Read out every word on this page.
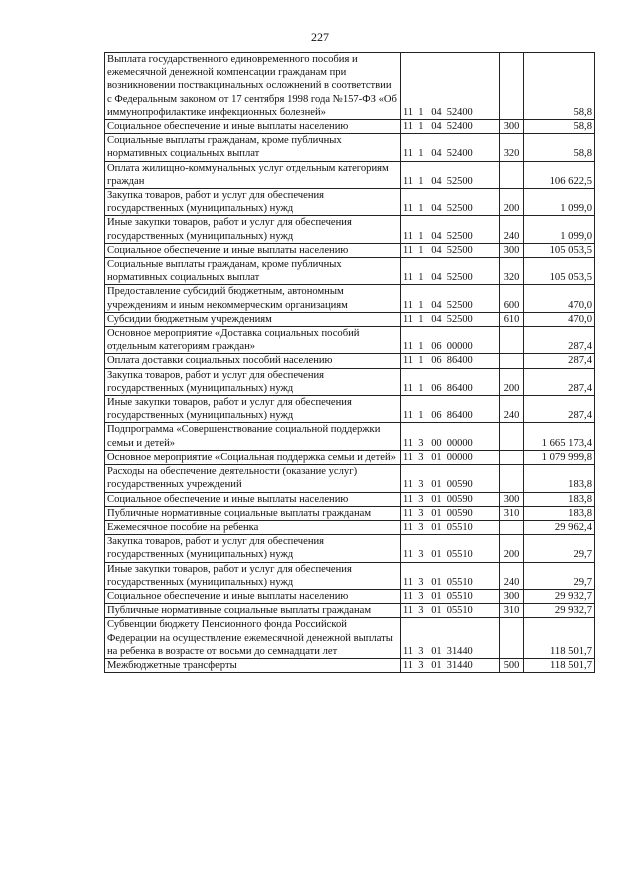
227
Выплата государственного единовременного пособия и ежемесячной денежной компенсации гражданам при возникновении поствакцинальных осложнений в соответствии с Федеральным законом от 17 сентября 1998 года №157-ФЗ «Об иммунопрофилактике инфекционных болезней»	11  1   04  52400		58,8
Социальное обеспечение и иные выплаты населению	11  1   04  52400	300	58,8
Социальные выплаты гражданам, кроме публичных нормативных социальных выплат	11  1   04  52400	320	58,8
Оплата жилищно-коммунальных услуг отдельным категориям граждан	11  1   04  52500		106 622,5
Закупка товаров, работ и услуг для обеспечения государственных (муниципальных) нужд	11  1   04  52500	200	1 099,0
Иные закупки товаров, работ и услуг для обеспечения государственных (муниципальных) нужд	11  1   04  52500	240	1 099,0
Социальное обеспечение и иные выплаты населению	11  1   04  52500	300	105 053,5
Социальные выплаты гражданам, кроме публичных нормативных социальных выплат	11  1   04  52500	320	105 053,5
Предоставление субсидий бюджетным, автономным учреждениям и иным некоммерческим организациям	11  1   04  52500	600	470,0
Субсидии бюджетным учреждениям	11  1   04  52500	610	470,0
Основное мероприятие «Доставка социальных пособий отдельным категориям граждан»	11  1   06  00000		287,4
Оплата доставки социальных пособий населению	11  1   06  86400		287,4
Закупка товаров, работ и услуг для обеспечения государственных (муниципальных) нужд	11  1   06  86400	200	287,4
Иные закупки товаров, работ и услуг для обеспечения государственных (муниципальных) нужд	11  1   06  86400	240	287,4
Подпрограмма «Совершенствование социальной поддержки семьи и детей»	11  3   00  00000		1 665 173,4
Основное мероприятие «Социальная поддержка семьи и детей»	11  3   01  00000		1 079 999,8
Расходы на обеспечение деятельности (оказание услуг) государственных учреждений	11  3   01  00590		183,8
Социальное обеспечение и иные выплаты населению	11  3   01  00590	300	183,8
Публичные нормативные социальные выплаты гражданам	11  3   01  00590	310	183,8
Ежемесячное пособие на ребенка	11  3   01  05510		29 962,4
Закупка товаров, работ и услуг для обеспечения государственных (муниципальных) нужд	11  3   01  05510	200	29,7
Иные закупки товаров, работ и услуг для обеспечения государственных (муниципальных) нужд	11  3   01  05510	240	29,7
Социальное обеспечение и иные выплаты населению	11  3   01  05510	300	29 932,7
Публичные нормативные социальные выплаты гражданам	11  3   01  05510	310	29 932,7
Субвенции бюджету Пенсионного фонда Российской Федерации на осуществление ежемесячной денежной выплаты на ребенка в возрасте от восьми до семнадцати лет	11  3   01  31440		118 501,7
Межбюджетные трансферты	11  3   01  31440	500	118 501,7
